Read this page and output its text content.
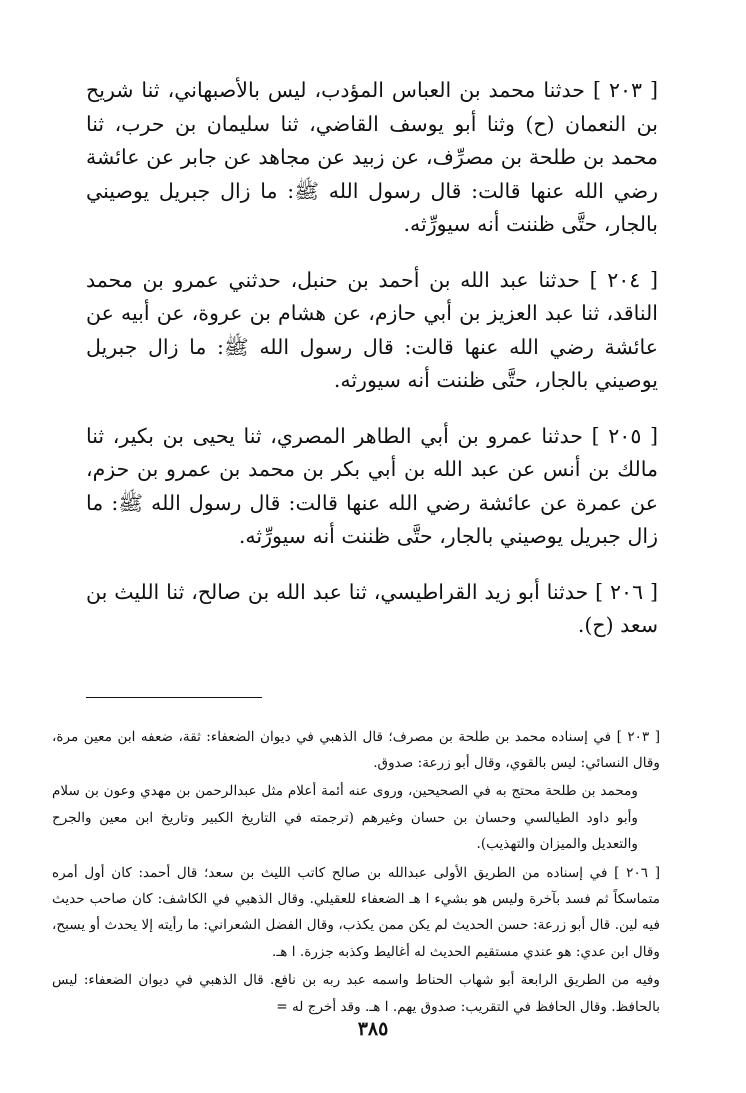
[ ٢٠٣ ] حدثنا محمد بن العباس المؤدب، ليس بالأصبهاني، ثنا شريح بن النعمان (ح) وثنا أبو يوسف القاضي، ثنا سليمان بن حرب، ثنا محمد بن طلحة بن مصرِّف، عن زبيد عن مجاهد عن جابر عن عائشة رضي الله عنها قالت: قال رسول الله ﷺ: ما زال جبريل يوصيني بالجار، حتَّى ظننت أنه سيورِّثه.

[ ٢٠٤ ] حدثنا عبد الله بن أحمد بن حنبل، حدثني عمرو بن محمد الناقد، ثنا عبد العزيز بن أبي حازم، عن هشام بن عروة، عن أبيه عن عائشة رضي الله عنها قالت: قال رسول الله ﷺ: ما زال جبريل يوصيني بالجار، حتَّى ظننت أنه سيورثه.

[ ٢٠٥ ] حدثنا عمرو بن أبي الطاهر المصري، ثنا يحيى بن بكير، ثنا مالك بن أنس عن عبد الله بن أبي بكر بن محمد بن عمرو بن حزم، عن عمرة عن عائشة رضي الله عنها قالت: قال رسول الله ﷺ: ما زال جبريل يوصيني بالجار، حتَّى ظننت أنه سيورِّثه.

[ ٢٠٦ ] حدثنا أبو زيد القراطيسي، ثنا عبد الله بن صالح، ثنا الليث بن سعد (ح).

[ ٢٠٣ ] في إسناده محمد بن طلحة بن مصرف؛ قال الذهبي في ديوان الضعفاء: ثقة، ضعفه ابن معين مرة، وقال النسائي: ليس بالقوي، وقال أبو زرعة: صدوق.

ومحمد بن طلحة محتج به في الصحيحين، وروى عنه أئمة أعلام مثل عبدالرحمن بن مهدي وعون بن سلام وأبو داود الطيالسي وحسان بن حسان وغيرهم (ترجمته في التاريخ الكبير وتاريخ ابن معين والجرح والتعديل والميزان والتهذيب).

[ ٢٠٦ ] في إسناده من الطريق الأولى عبدالله بن صالح كاتب الليث بن سعد؛ قال أحمد: كان أول أمره متماسكاً ثم فسد بآخرة وليس هو بشيء ا هـ الضعفاء للعقيلي. وقال الذهبي في الكاشف: كان صاحب حديث فيه لين. قال أبو زرعة: حسن الحديث لم يكن ممن يكذب، وقال الفضل الشعراني: ما رأيته إلا يحدث أو يسبح، وقال ابن عدي: هو عندي مستقيم الحديث له أغاليط وكذبه جزرة. ا هـ.

وفيه من الطريق الرابعة أبو شهاب الحناط واسمه عبد ربه بن نافع. قال الذهبي في ديوان الضعفاء: ليس بالحافظ. وقال الحافظ في التقريب: صدوق يهم. ا هـ. وقد أخرج له =

٣٨٥
